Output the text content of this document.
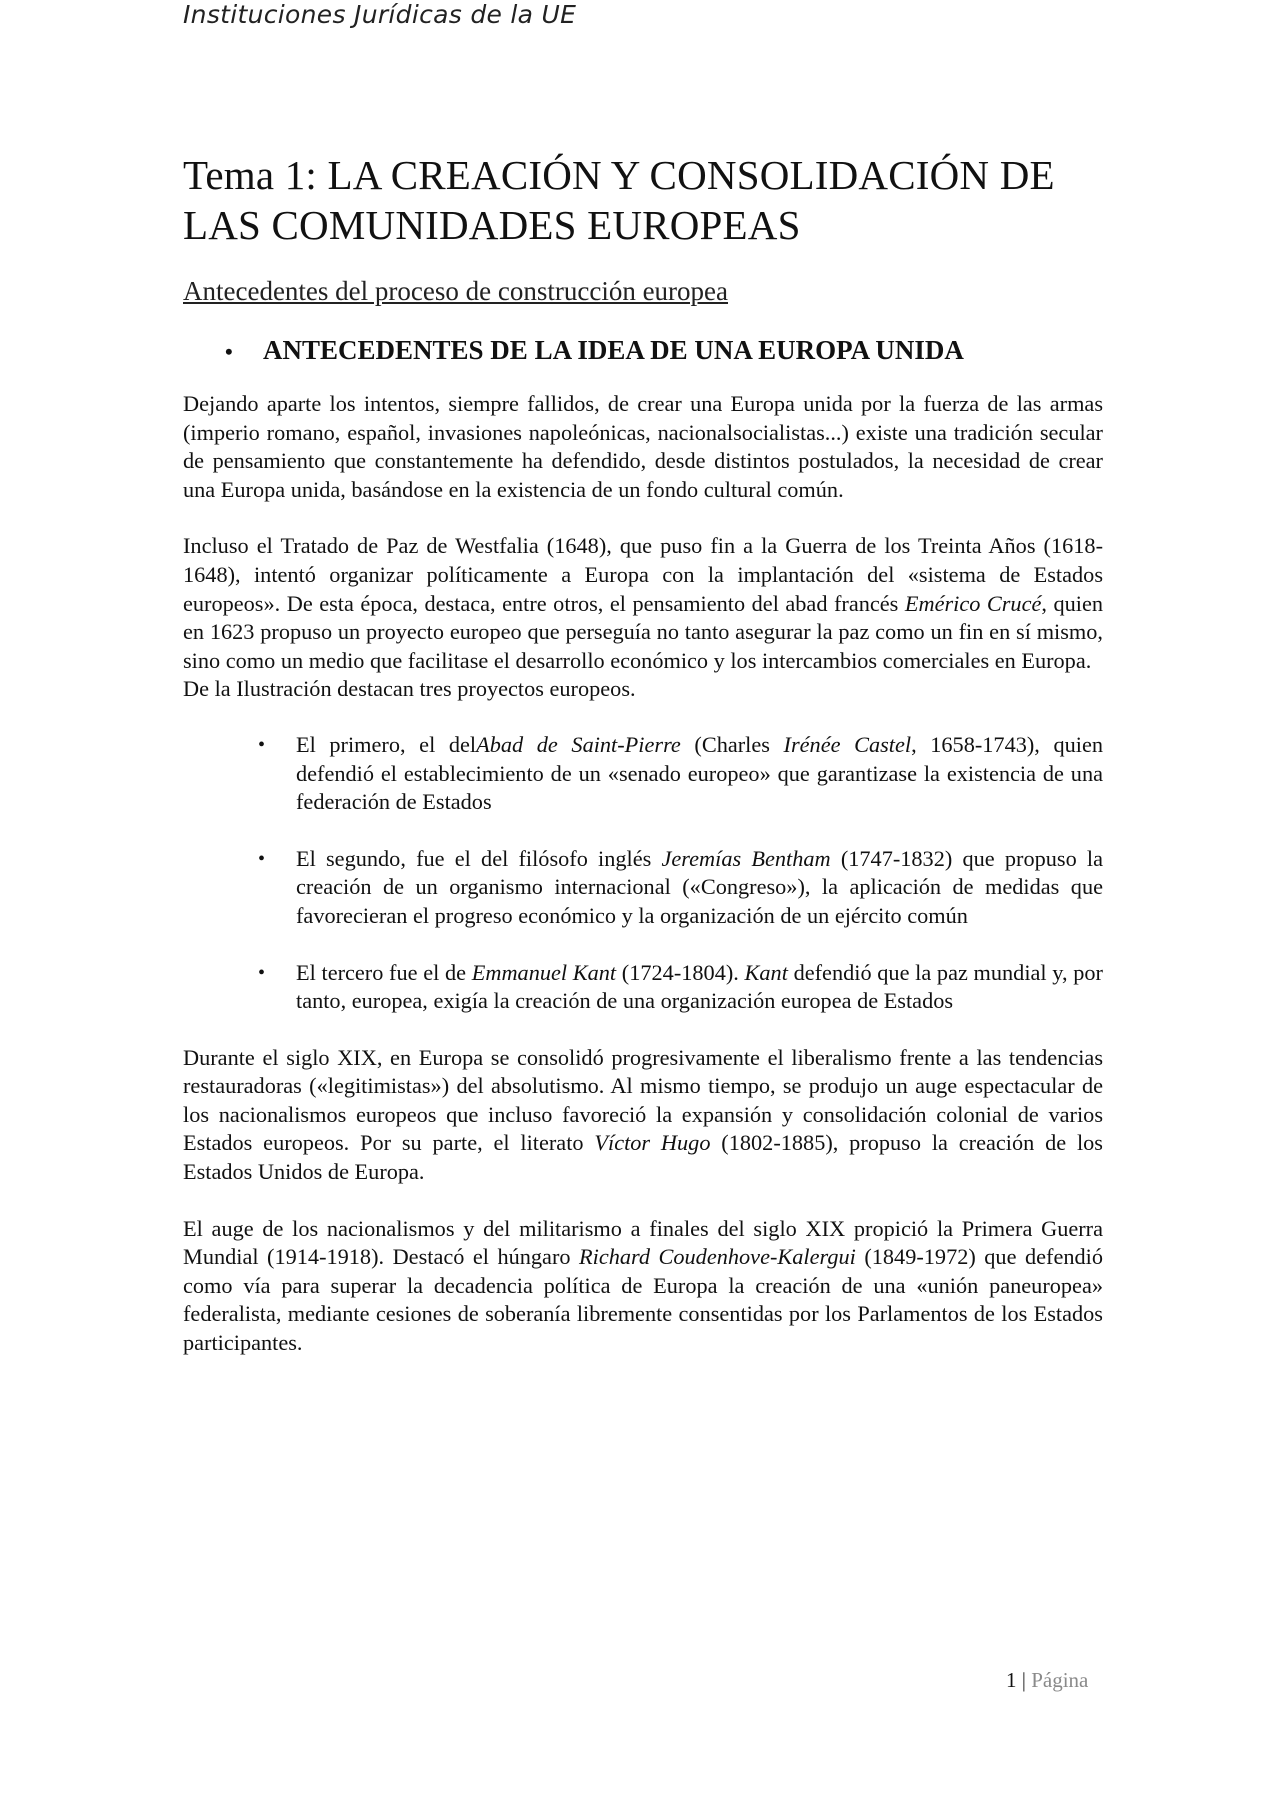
Instituciones Jurídicas de la UE
Tema 1: LA CREACIÓN Y CONSOLIDACIÓN DE LAS COMUNIDADES EUROPEAS
Antecedentes del proceso de construcción europea
•	ANTECEDENTES DE LA IDEA DE UNA EUROPA UNIDA

Dejando aparte los intentos, siempre fallidos, de crear una Europa unida por la fuerza de las armas (imperio romano, español, invasiones napoleónicas, nacionalsocialistas...) existe una tradición secular de pensamiento que constantemente ha defendido, desde distintos postulados, la necesidad de crear una Europa unida, basándose en la existencia de un fondo cultural común.

Incluso el Tratado de Paz de Westfalia (1648), que puso fin a la Guerra de los Treinta Años (1618-1648), intentó organizar políticamente a Europa con la implantación del «sistema de Estados europeos». De esta época, destaca, entre otros, el pensamiento del abad francés Emérico Crucé, quien en 1623 propuso un proyecto europeo que perseguía no tanto asegurar la paz como un fin en sí mismo, sino como un medio que facilitase el desarrollo económico y los intercambios comerciales en Europa.

De la Ilustración destacan tres proyectos europeos.

• El primero, el delAbad de Saint-Pierre (Charles Irénée Castel, 1658-1743), quien defendió el establecimiento de un «senado europeo» que garantizase la existencia de una federación de Estados
• El segundo, fue el del filósofo inglés Jeremías Bentham (1747-1832) que propuso la creación de un organismo internacional («Congreso»), la aplicación de medidas que favorecieran el progreso económico y la organización de un ejército común
• El tercero fue el de Emmanuel Kant (1724-1804). Kant defendió que la paz mundial y, por tanto, europea, exigía la creación de una organización europea de Estados

Durante el siglo XIX, en Europa se consolidó progresivamente el liberalismo frente a las tendencias restauradoras («legitimistas») del absolutismo. Al mismo tiempo, se produjo un auge espectacular de los nacionalismos europeos que incluso favoreció la expansión y consolidación colonial de varios Estados europeos. Por su parte, el literato Víctor Hugo (1802-1885), propuso la creación de los Estados Unidos de Europa.

El auge de los nacionalismos y del militarismo a finales del siglo XIX propició la Primera Guerra Mundial (1914-1918). Destacó el húngaro Richard Coudenhove-Kalergui (1849-1972) que defendió como vía para superar la decadencia política de Europa la creación de una «unión paneuropea» federalista, mediante cesiones de soberanía libremente consentidas por los Parlamentos de los Estados participantes.

1 | Página
